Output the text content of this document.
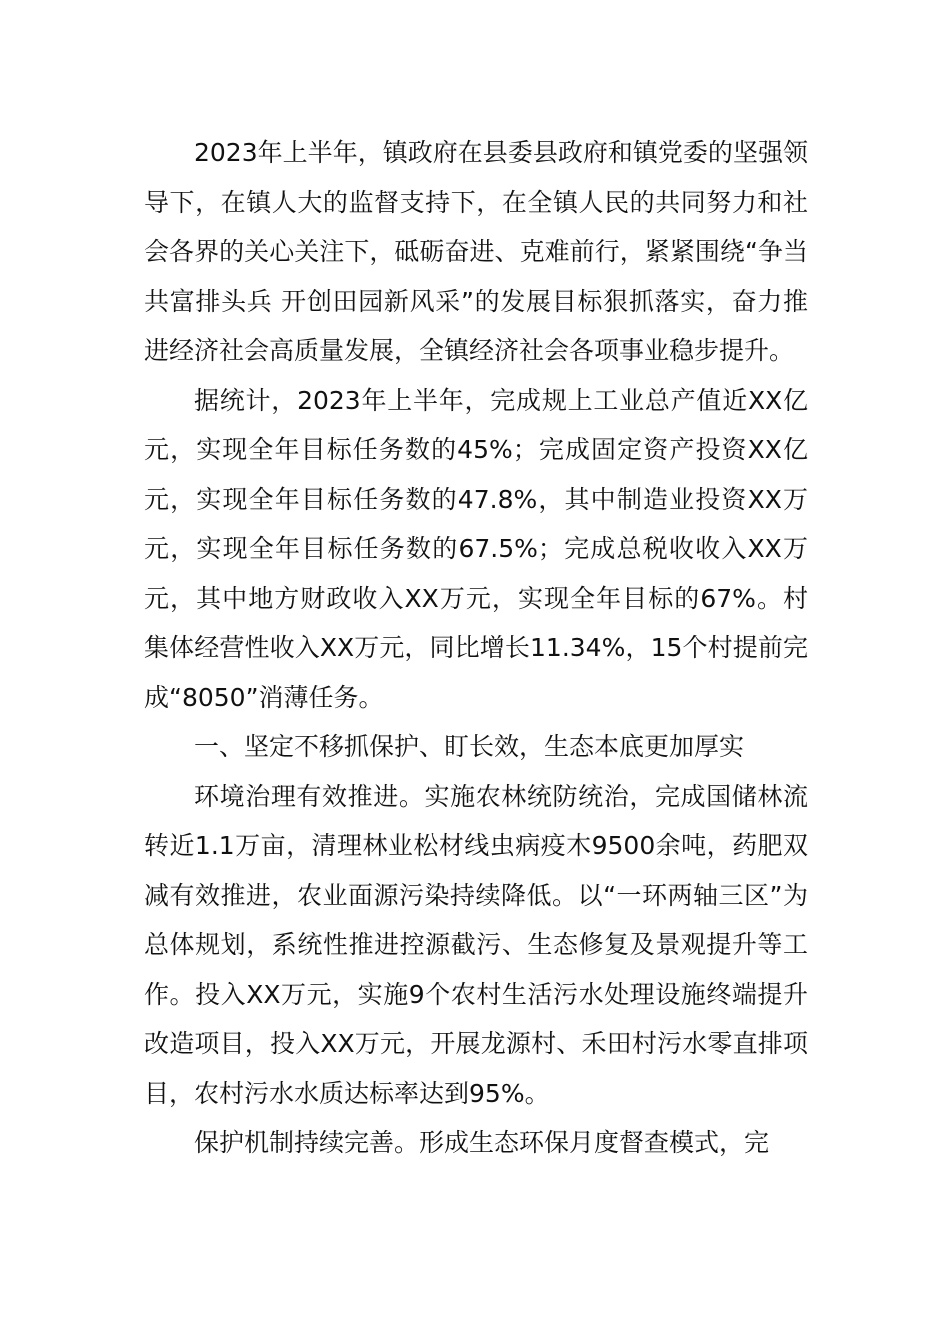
2023年上半年，镇政府在县委县政府和镇党委的坚强领导下，在镇人大的监督支持下，在全镇人民的共同努力和社会各界的关心关注下，砥砺奋进、克难前行，紧紧围绕“争当共富排头兵 开创田园新风采”的发展目标狠抓落实，奋力推进经济社会高质量发展，全镇经济社会各项事业稳步提升。

据统计，2023年上半年，完成规上工业总产值近XX亿元，实现全年目标任务数的45%；完成固定资产投资XX亿元，实现全年目标任务数的47.8%，其中制造业投资XX万元，实现全年目标任务数的67.5%；完成总税收收入XX万元，其中地方财政收入XX万元，实现全年目标的67%。村集体经营性收入XX万元，同比增长11.34%，15个村提前完成“8050”消薄任务。

一、坚定不移抓保护、盯长效，生态本底更加厚实

环境治理有效推进。实施农林统防统治，完成国储林流转近1.1万亩，清理林业松材线虫病疫木9500余吨，药肥双减有效推进，农业面源污染持续降低。以“一环两轴三区”为总体规划，系统性推进控源截污、生态修复及景观提升等工作。投入XX万元，实施9个农村生活污水处理设施终端提升改造项目，投入XX万元，开展龙源村、禾田村污水零直排项目，农村污水水质达标率达到95%。

保护机制持续完善。形成生态环保月度督查模式，完
